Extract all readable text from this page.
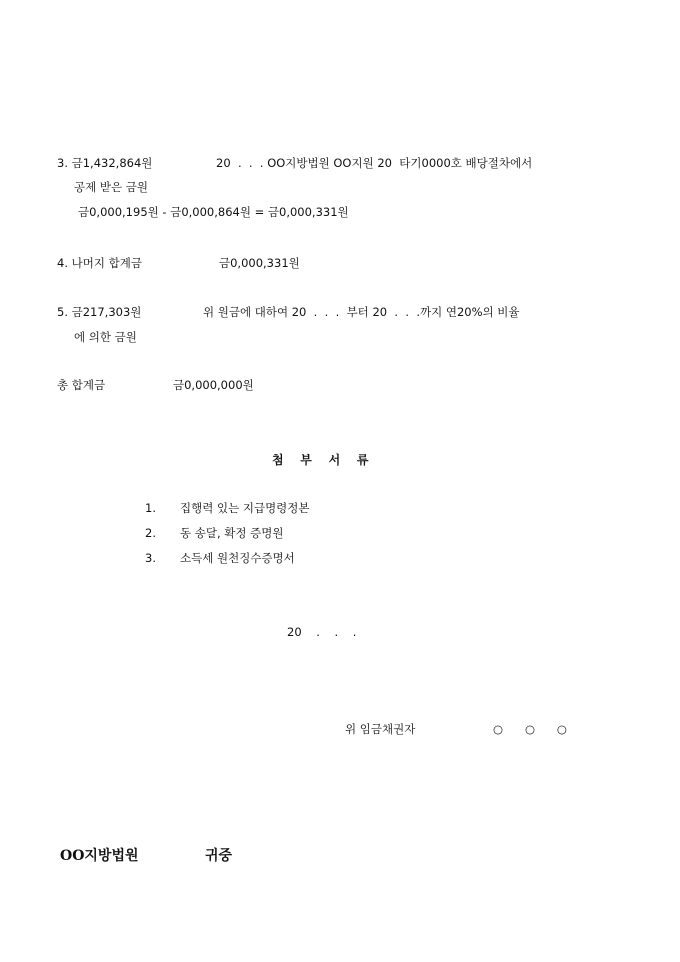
3. 금1,432,864원	20  .  .  . OO지방법원 OO지원 20  타기0000호 배당절차에서
공제 받은 금원
금0,000,195원 - 금0,000,864원 = 금0,000,331원
4. 나머지 합계금	금0,000,331원
5. 금217,303원	위 원금에 대하여 20  .  .  .  부터 20  .  .  .까지 연20%의 비율
에 의한 금원
총 합계금	금0,000,000원
첨    부    서    류
1. 집행력 있는 지급명령정본
2. 동 송달, 확정 증명원
3. 소득세 원천징수증명서
20    .    .    .
위 임금채권자	○      ○      ○
OO지방법원	귀중
